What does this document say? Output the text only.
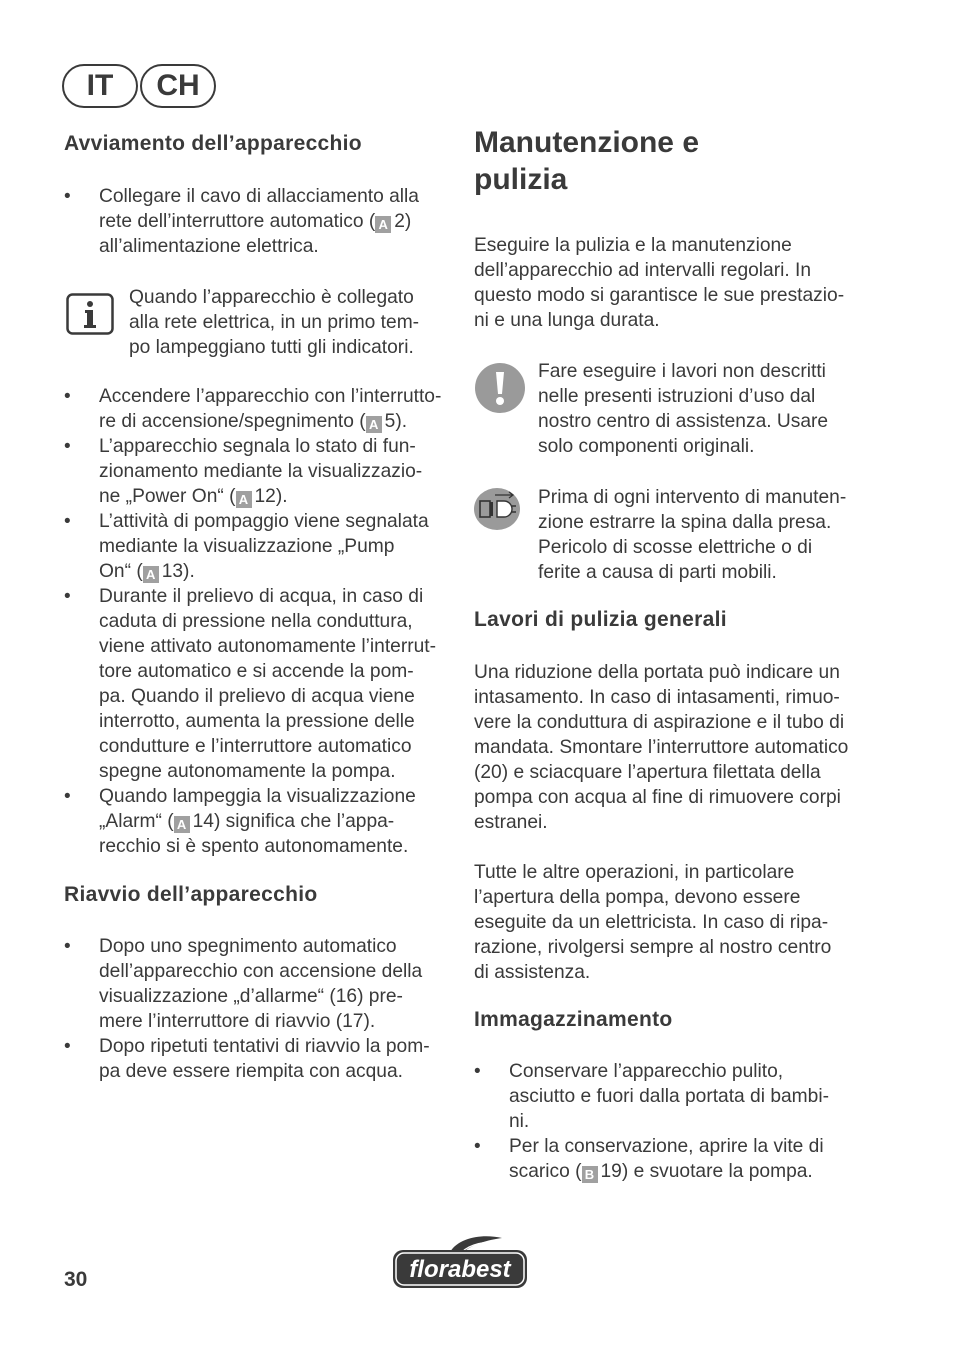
IT	CH
Avviamento dell’apparecchio
• Collegare il cavo di allacciamento alla
rete dell’interruttore automatico ( A 2)
all’alimentazione elettrica.
Quando l’apparecchio è collegato
alla rete elettrica, in un primo tem-
po lampeggiano tutti gli indicatori.
• Accendere l’apparecchio con l’interrutto-
re di accensione/spegnimento ( A 5).
• L’apparecchio segnala lo stato di fun-
zionamento mediante la visualizzazio-
ne „Power On“ ( A 12).
• L’attività di pompaggio viene segnalata
mediante la visualizzazione „Pump
On“ ( A 13).
• Durante il prelievo di acqua, in caso di
caduta di pressione nella conduttura,
viene attivato autonomamente l’interrut-
tore automatico e si accende la pom-
pa. Quando il prelievo di acqua viene
interrotto, aumenta la pressione delle
condutture e l’interruttore automatico
spegne autonomamente la pompa.
• Quando lampeggia la visualizzazione
„Alarm“ ( A 14) significa che l’appa-
recchio si è spento autonomamente.
Riavvio dell’apparecchio
• Dopo uno spegnimento automatico
dell’apparecchio con accensione della
visualizzazione „d’allarme“ (16) pre-
mere l’interruttore di riavvio (17).
• Dopo ripetuti tentativi di riavvio la pom-
pa deve essere riempita con acqua.
Manutenzione e
pulizia
Eseguire la pulizia e la manutenzione
dell’apparecchio ad intervalli regolari. In
questo modo si garantisce le sue prestazio-
ni e una lunga durata.
Fare eseguire i lavori non descritti
nelle presenti istruzioni d’uso dal
nostro centro di assistenza. Usare
solo componenti originali.
Prima di ogni intervento di manuten-
zione estrarre la spina dalla presa.
Pericolo di scosse elettriche o di
ferite a causa di parti mobili.
Lavori di pulizia generali
Una riduzione della portata può indicare un
intasamento. In caso di intasamenti, rimuo-
vere la conduttura di aspirazione e il tubo di
mandata. Smontare l’interruttore automatico
(20) e sciacquare l’apertura filettata della
pompa con acqua al fine di rimuovere corpi
estranei.
Tutte le altre operazioni, in particolare
l’apertura della pompa, devono essere
eseguite da un elettricista. In caso di ripa-
razione, rivolgersi sempre al nostro centro
di assistenza.
Immagazzinamento
• Conservare l’apparecchio pulito,
asciutto e fuori dalla portata di bambi-
ni.
• Per la conservazione, aprire la vite di
scarico ( B 19) e svuotare la pompa.
30	florabest
